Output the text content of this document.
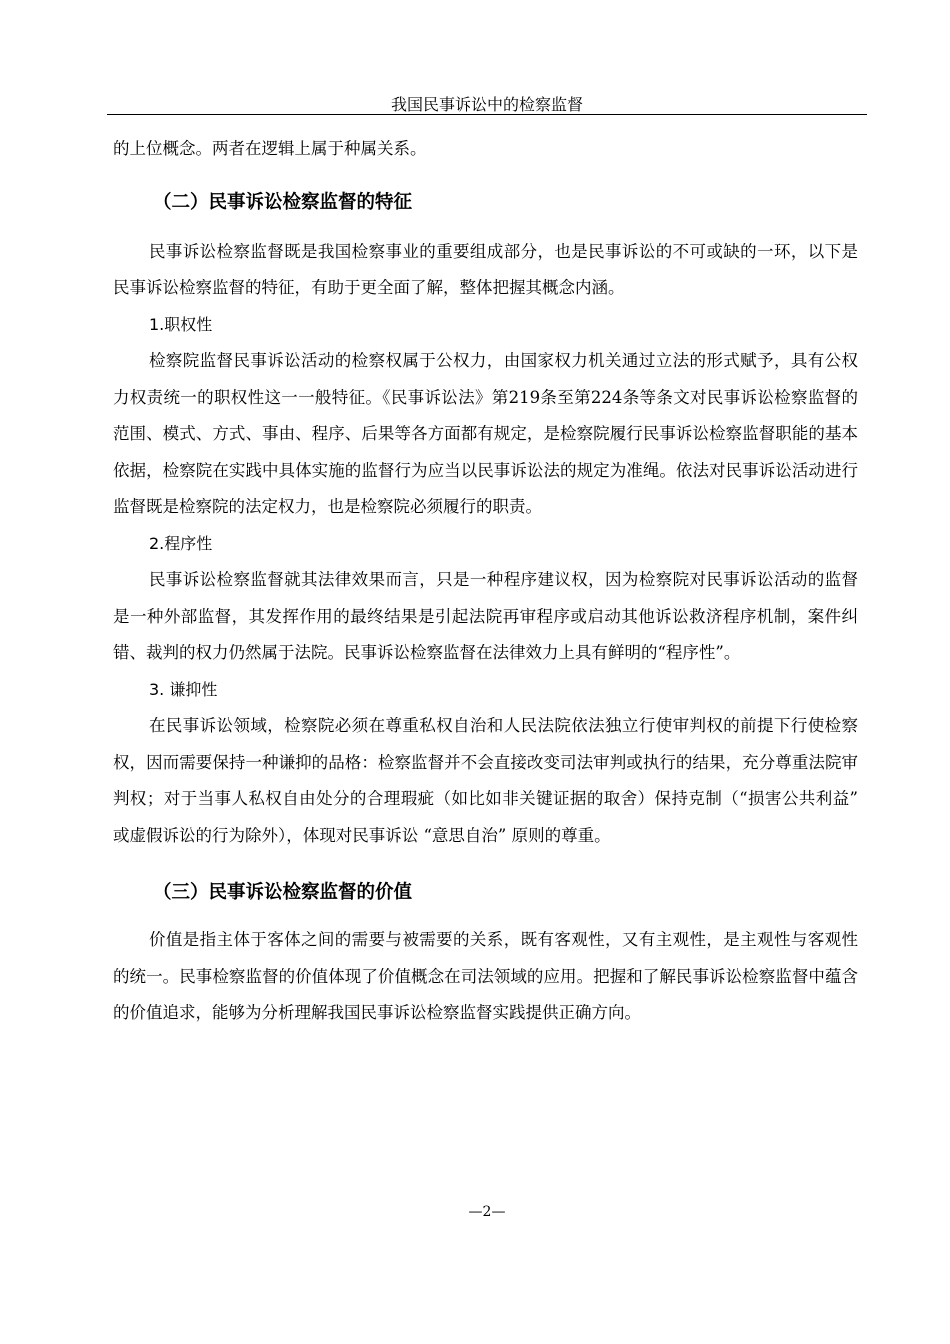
我国民事诉讼中的检察监督

的上位概念。两者在逻辑上属于种属关系。

（二）民事诉讼检察监督的特征

民事诉讼检察监督既是我国检察事业的重要组成部分，也是民事诉讼的不可或缺的一环，以下是民事诉讼检察监督的特征，有助于更全面了解，整体把握其概念内涵。

1.职权性

检察院监督民事诉讼活动的检察权属于公权力，由国家权力机关通过立法的形式赋予，具有公权力权责统一的职权性这一一般特征。《民事诉讼法》第219条至第224条等条文对民事诉讼检察监督的范围、模式、方式、事由、程序、后果等各方面都有规定，是检察院履行民事诉讼检察监督职能的基本依据，检察院在实践中具体实施的监督行为应当以民事诉讼法的规定为准绳。依法对民事诉讼活动进行监督既是检察院的法定权力，也是检察院必须履行的职责。

2.程序性

民事诉讼检察监督就其法律效果而言，只是一种程序建议权，因为检察院对民事诉讼活动的监督是一种外部监督，其发挥作用的最终结果是引起法院再审程序或启动其他诉讼救济程序机制，案件纠错、裁判的权力仍然属于法院。民事诉讼检察监督在法律效力上具有鲜明的“程序性”。

3. 谦抑性

在民事诉讼领域，检察院必须在尊重私权自治和人民法院依法独立行使审判权的前提下行使检察权，因而需要保持一种谦抑的品格：检察监督并不会直接改变司法审判或执行的结果，充分尊重法院审判权；对于当事人私权自由处分的合理瑕疵（如比如非关键证据的取舍）保持克制（“损害公共利益” 或虚假诉讼的行为除外），体现对民事诉讼 “意思自治” 原则的尊重。

（三）民事诉讼检察监督的价值

价值是指主体于客体之间的需要与被需要的关系，既有客观性，又有主观性，是主观性与客观性的统一。民事检察监督的价值体现了价值概念在司法领域的应用。把握和了解民事诉讼检察监督中蕴含的价值追求，能够为分析理解我国民事诉讼检察监督实践提供正确方向。

—2—
